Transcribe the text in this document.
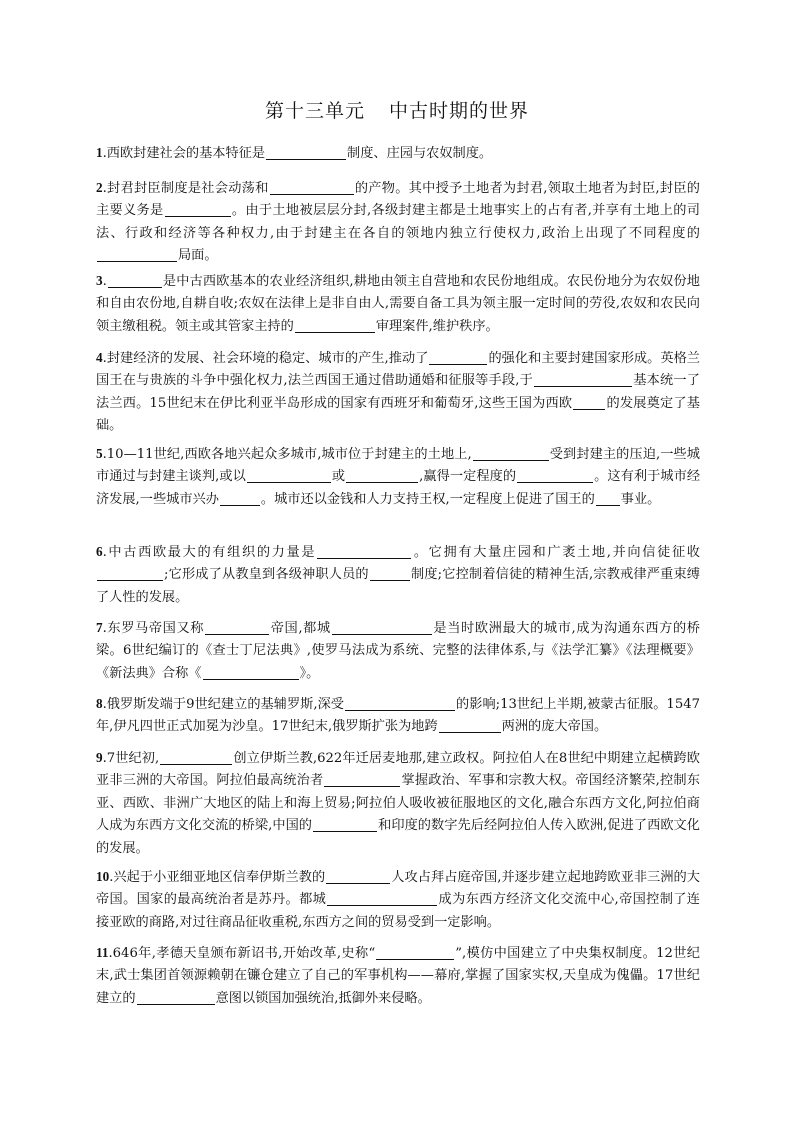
第十三单元 中古时期的世界
1.西欧封建社会的基本特征是	制度、庄园与农奴制度。
2.封君封臣制度是社会动荡和	的产物。其中授予土地者为封君,领取土地者为封臣,封臣的主要义务是	。由于土地被层层分封,各级封建主都是土地事实上的占有者,并享有土地上的司法、行政和经济等各种权力,由于封建主在各自的领地内独立行使权力,政治上出现了不同程度的局面。
3.	是中古西欧基本的农业经济组织,耕地由领主自营地和农民份地组成。农民份地分为农奴份地和自由农份地,自耕自收;农奴在法律上是非自由人,需要自备工具为领主服一定时间的劳役,农奴和农民向领主缴租税。领主或其管家主持的	审理案件,维护秩序。
4.封建经济的发展、社会环境的稳定、城市的产生,推动了	的强化和主要封建国家形成。英格兰国王在与贵族的斗争中强化权力,法兰西国王通过借助通婚和征服等手段,于	基本统一了法兰西。15世纪末在伊比利亚半岛形成的国家有西班牙和葡萄牙,这些王国为西欧	的发展奠定了基础。
5.10—11世纪,西欧各地兴起众多城市,城市位于封建主的土地上,	受到封建主的压迫,一些城市通过与封建主谈判,或以	或	,赢得一定程度的	。这有利于城市经济发展,一些城市兴办	。城市还以金钱和人力支持王权,一定程度上促进了国王的 事业。
6.中古西欧最大的有组织的力量是	。它拥有大量庄园和广袤土地,并向信徒征收;它形成了从教皇到各级神职人员的	制度;它控制着信徒的精神生活,宗教戒律严重束缚了人性的发展。
7.东罗马帝国又称	帝国,都城	是当时欧洲最大的城市,成为沟通东西方的桥梁。6世纪编订的《查士丁尼法典》,使罗马法成为系统、完整的法律体系,与《法学汇纂》《法理概要》《新法典》合称《	》。
8.俄罗斯发端于9世纪建立的基辅罗斯,深受	的影响;13世纪上半期,被蒙古征服。1547年,伊凡四世正式加冕为沙皇。17世纪末,俄罗斯扩张为地跨	两洲的庞大帝国。
9.7世纪初,	创立伊斯兰教,622年迁居麦地那,建立政权。阿拉伯人在8世纪中期建立起横跨欧亚非三洲的大帝国。阿拉伯最高统治者	掌握政治、军事和宗教大权。帝国经济繁荣,控制东亚、西欧、非洲广大地区的陆上和海上贸易;阿拉伯人吸收被征服地区的文化,融合东西方文化,阿拉伯商人成为东西方文化交流的桥梁,中国的	和印度的数字先后经阿拉伯人传入欧洲,促进了西欧文化的发展。
10.兴起于小亚细亚地区信奉伊斯兰教的	人攻占拜占庭帝国,并逐步建立起地跨欧亚非三洲的大帝国。国家的最高统治者是苏丹。都城	成为东西方经济文化交流中心,帝国控制了连接亚欧的商路,对过往商品征收重税,东西方之间的贸易受到一定影响。
11.646年,孝德天皇颁布新诏书,开始改革,史称“	”,模仿中国建立了中央集权制度。12世纪末,武士集团首领源赖朝在镰仓建立了自己的军事机构——幕府,掌握了国家实权,天皇成为傀儡。17世纪建立的	意图以锁国加强统治,抵御外来侵略。
